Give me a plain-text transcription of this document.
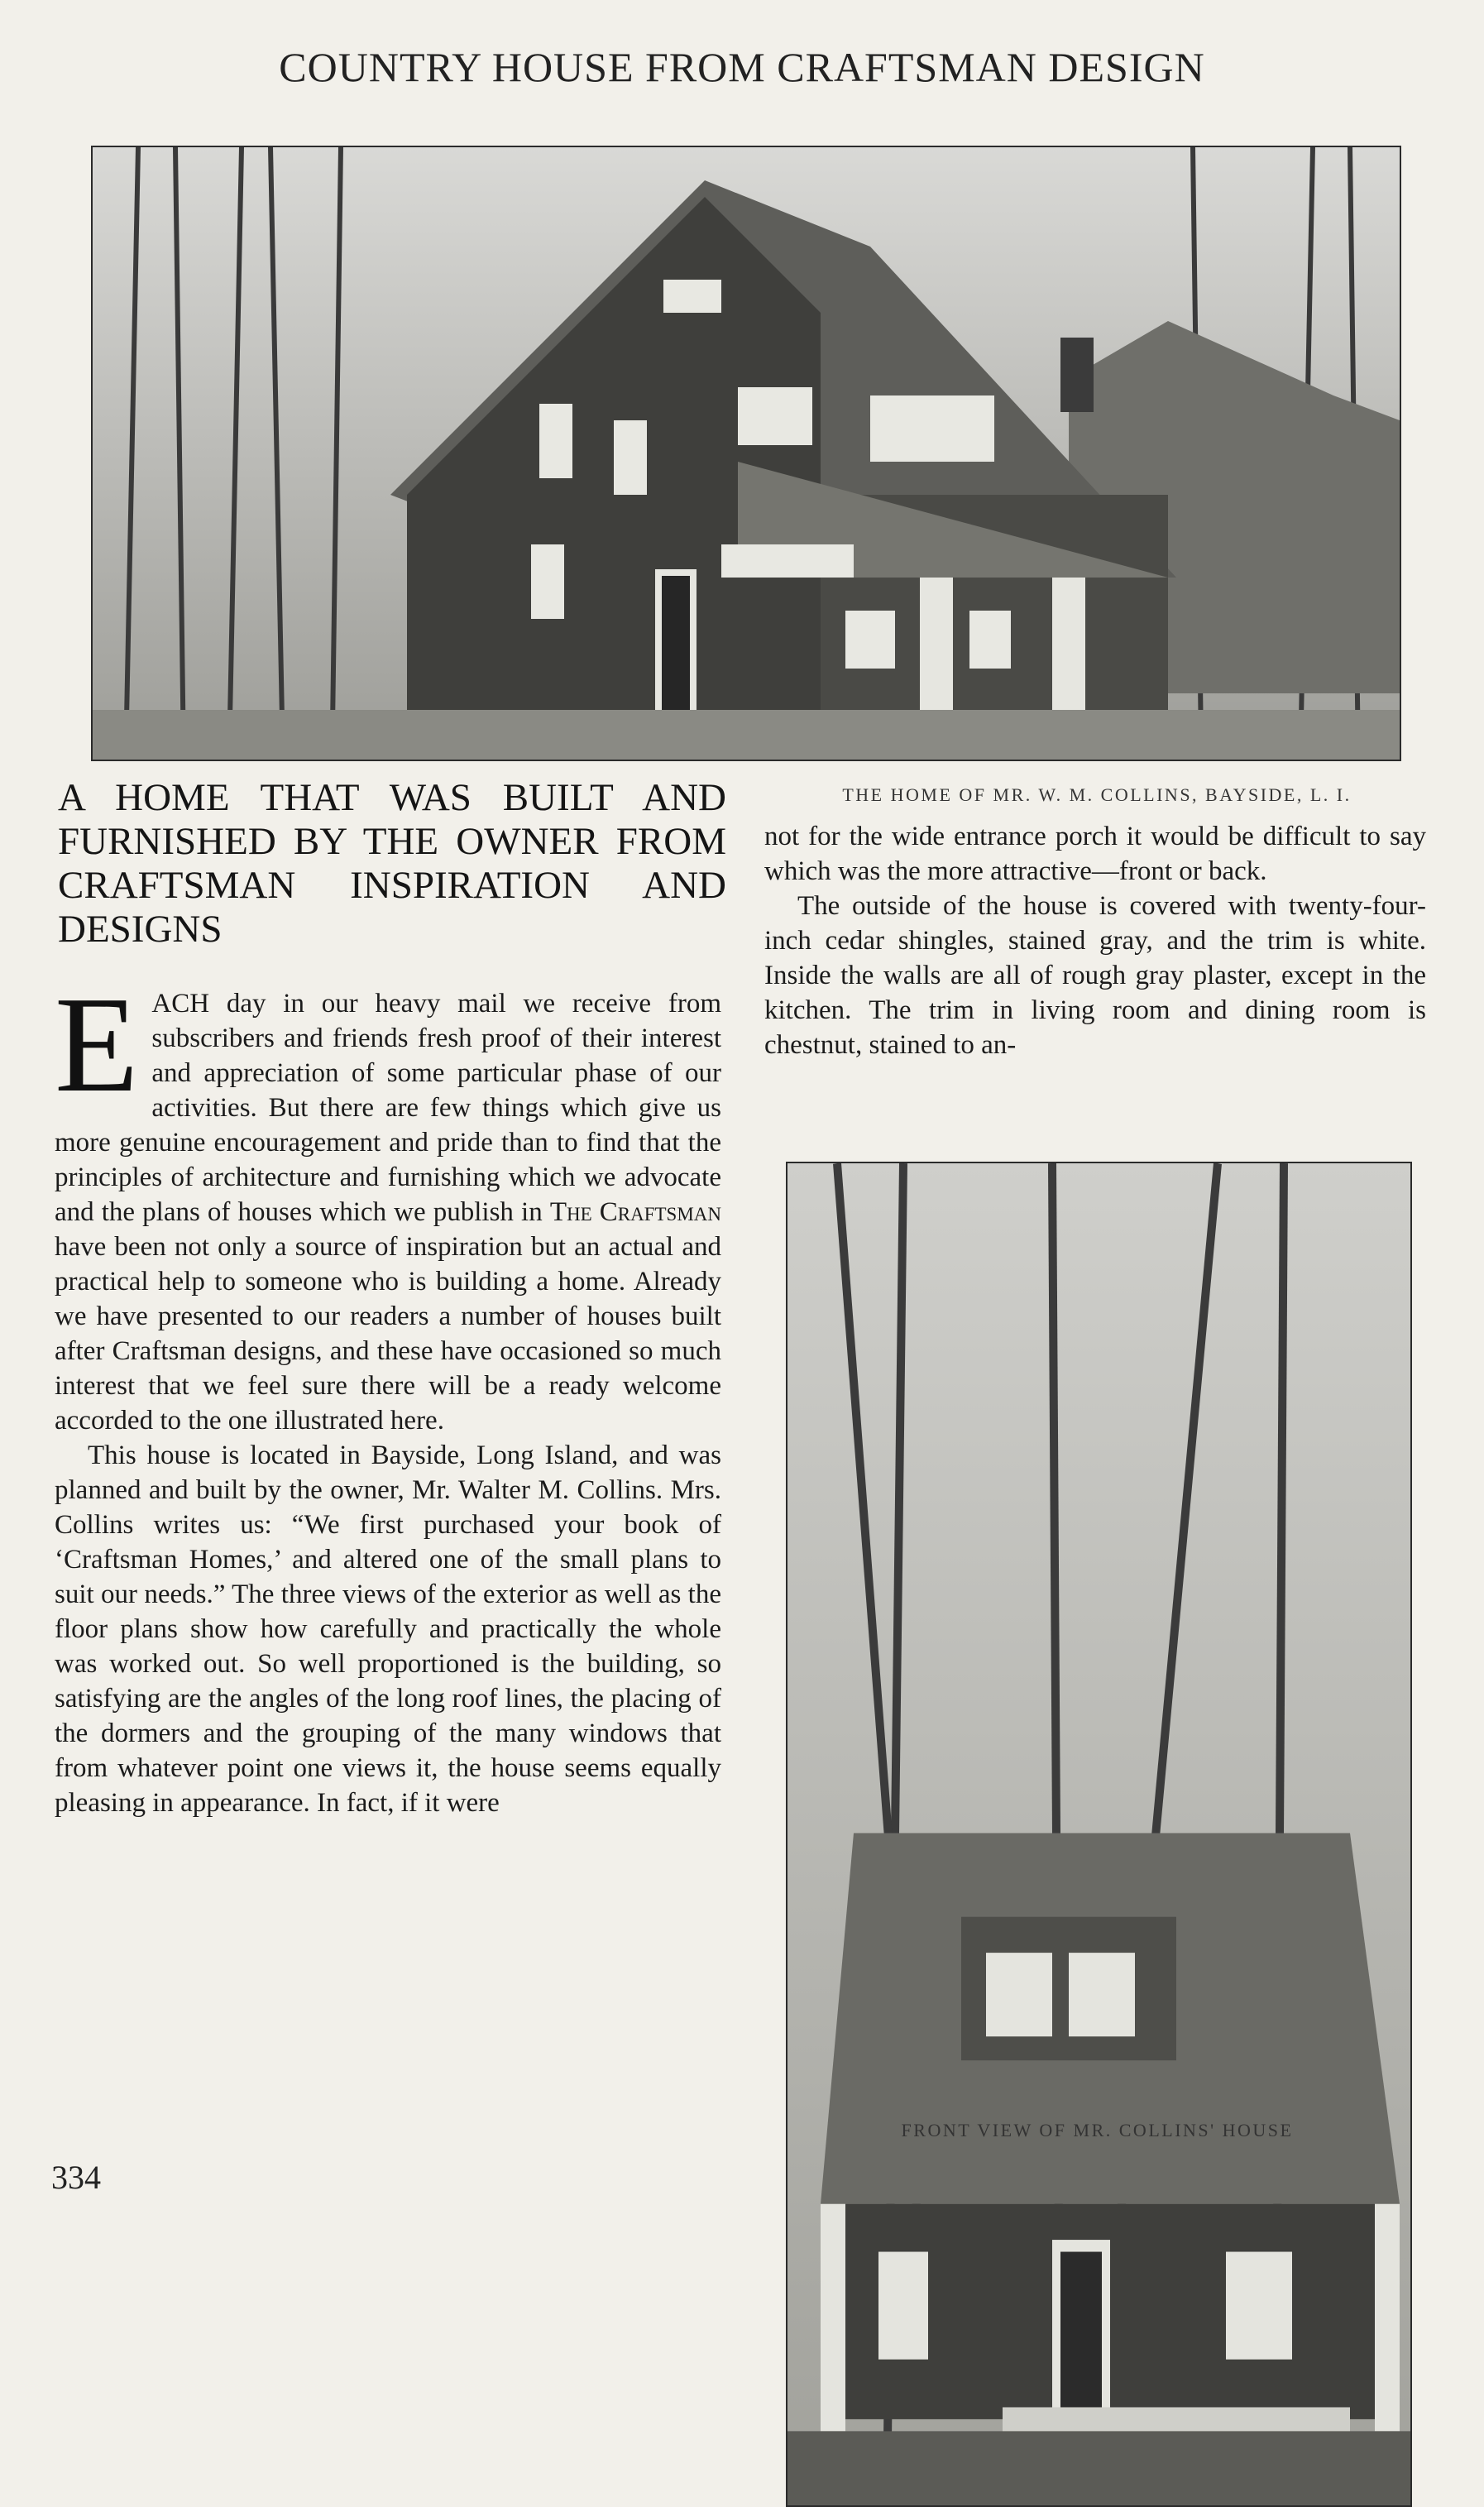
COUNTRY HOUSE FROM CRAFTSMAN DESIGN
THE HOME OF MR. W. M. COLLINS, BAYSIDE, L. I.
A HOME THAT WAS BUILT AND FURNISHED BY THE OWNER FROM CRAFTSMAN INSPIRATION AND DESIGNS

EACH day in our heavy mail we receive from subscribers and friends fresh proof of their interest and appreciation of some particular phase of our activities. But there are few things which give us more genuine encouragement and pride than to find that the principles of architecture and furnishing which we advocate and the plans of houses which we publish in The Craftsman have been not only a source of inspiration but an actual and practical help to someone who is building a home. Already we have presented to our readers a number of houses built after Craftsman designs, and these have occasioned so much interest that we feel sure there will be a ready welcome accorded to the one illustrated here.

This house is located in Bayside, Long Island, and was planned and built by the owner, Mr. Walter M. Collins. Mrs. Collins writes us: “We first purchased your book of ‘Craftsman Homes,’ and altered one of the small plans to suit our needs.” The three views of the exterior as well as the floor plans show how carefully and practically the whole was worked out. So well proportioned is the building, so satisfying are the angles of the long roof lines, the placing of the dormers and the grouping of the many windows that from whatever point one views it, the house seems equally pleasing in appearance. In fact, if it were

not for the wide entrance porch it would be difficult to say which was the more attractive—front or back.

The outside of the house is covered with twenty-four-inch cedar shingles, stained gray, and the trim is white. Inside the walls are all of rough gray plaster, except in the kitchen. The trim in living room and dining room is chestnut, stained to an-

FRONT VIEW OF MR. COLLINS' HOUSE
334
